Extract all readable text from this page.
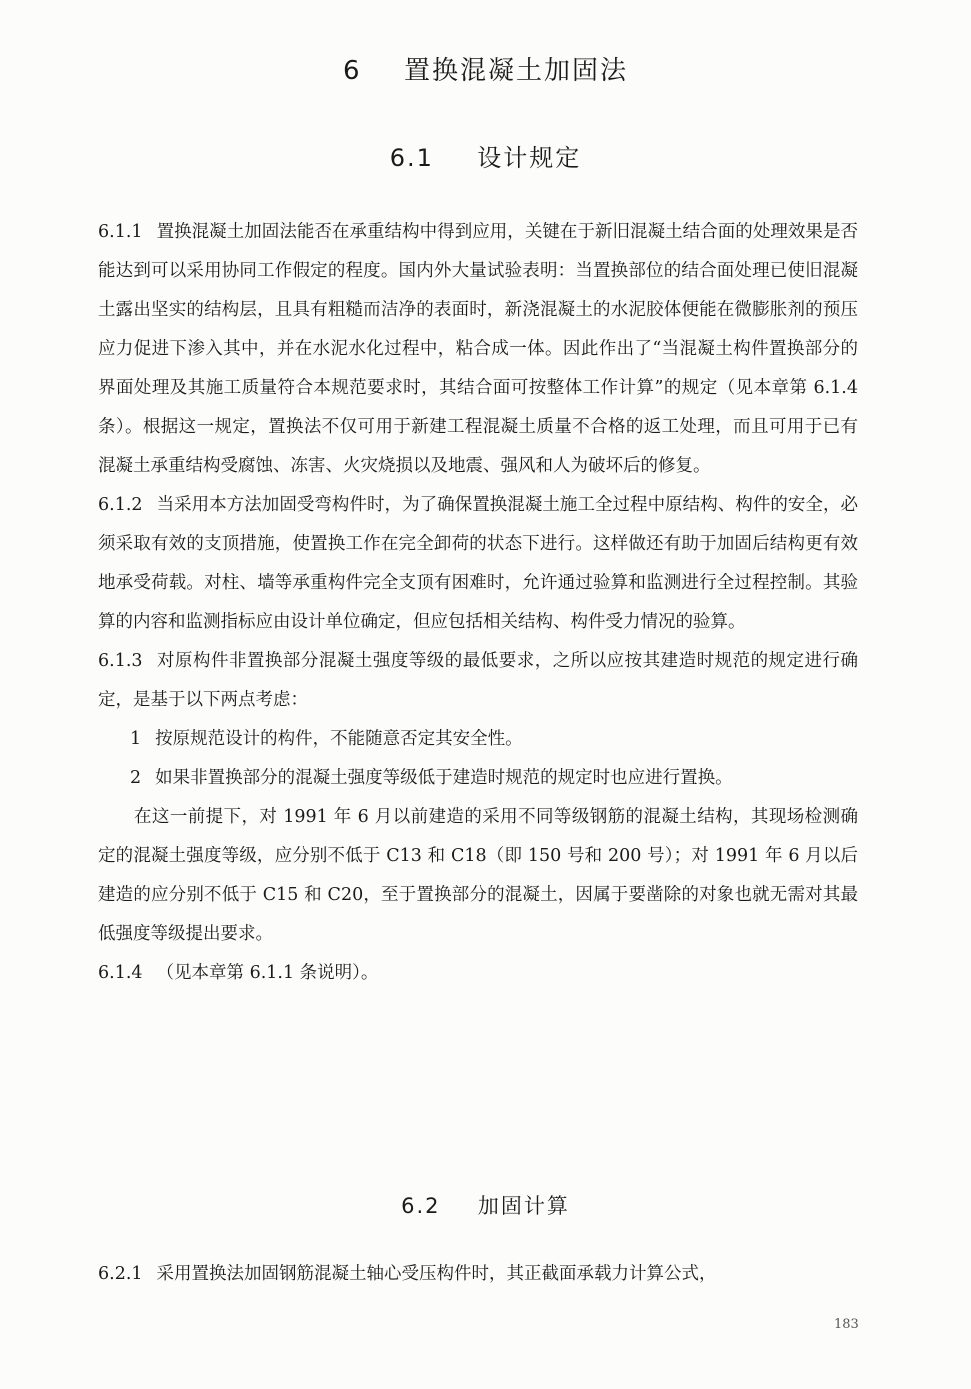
6 置换混凝土加固法
6.1 设计规定

6.1.1 置换混凝土加固法能否在承重结构中得到应用，关键在于新旧混凝土结合面的处理效果是否能达到可以采用协同工作假定的程度。国内外大量试验表明：当置换部位的结合面处理已使旧混凝土露出坚实的结构层，且具有粗糙而洁净的表面时，新浇混凝土的水泥胶体便能在微膨胀剂的预压应力促进下渗入其中，并在水泥水化过程中，粘合成一体。因此作出了“当混凝土构件置换部分的界面处理及其施工质量符合本规范要求时，其结合面可按整体工作计算”的规定（见本章第 6.1.4 条）。根据这一规定，置换法不仅可用于新建工程混凝土质量不合格的返工处理，而且可用于已有混凝土承重结构受腐蚀、冻害、火灾烧损以及地震、强风和人为破坏后的修复。

6.1.2 当采用本方法加固受弯构件时，为了确保置换混凝土施工全过程中原结构、构件的安全，必须采取有效的支顶措施，使置换工作在完全卸荷的状态下进行。这样做还有助于加固后结构更有效地承受荷载。对柱、墙等承重构件完全支顶有困难时，允许通过验算和监测进行全过程控制。其验算的内容和监测指标应由设计单位确定，但应包括相关结构、构件受力情况的验算。

6.1.3 对原构件非置换部分混凝土强度等级的最低要求，之所以应按其建造时规范的规定进行确定，是基于以下两点考虑：

1 按原规范设计的构件，不能随意否定其安全性。

2 如果非置换部分的混凝土强度等级低于建造时规范的规定时也应进行置换。

在这一前提下，对 1991 年 6 月以前建造的采用不同等级钢筋的混凝土结构，其现场检测确定的混凝土强度等级，应分别不低于 C13 和 C18（即 150 号和 200 号）；对 1991 年 6 月以后建造的应分别不低于 C15 和 C20，至于置换部分的混凝土，因属于要凿除的对象也就无需对其最低强度等级提出要求。

6.1.4 （见本章第 6.1.1 条说明）。

6.2 加固计算

6.2.1 采用置换法加固钢筋混凝土轴心受压构件时，其正截面承载力计算公式，

183
